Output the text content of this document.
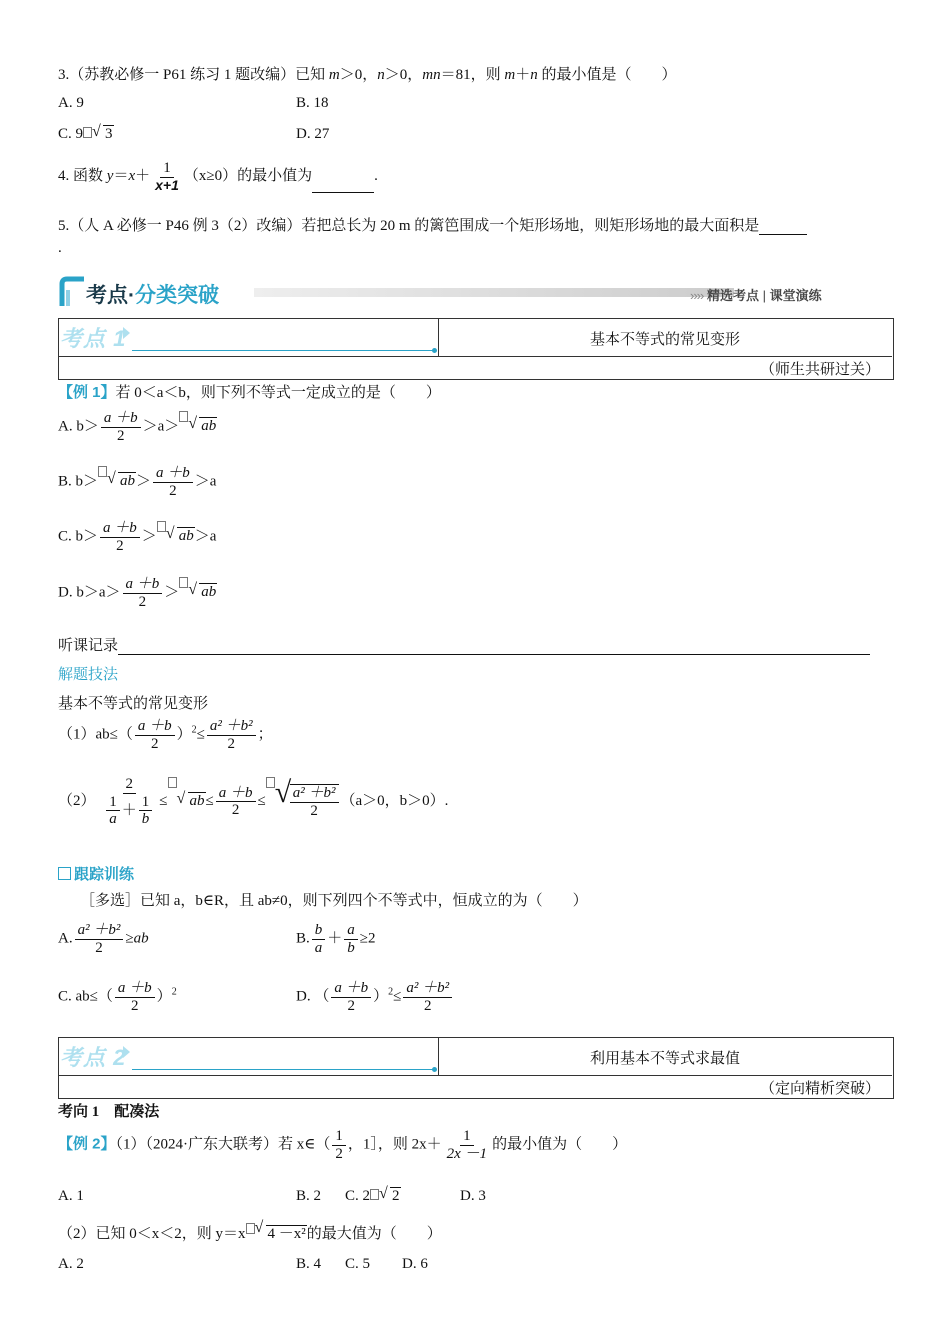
3.（苏教必修一 P61 练习 1 题改编）已知 m＞0，n＞0，mn＝81，则 m＋n 的最小值是（　　）
A. 9	B. 18
C. 9 √ 3	D. 27
4. 函数 $y=x+ \frac{1}{x+1} (x\ge 0)$的最小值为	.
5.（人 A 必修一 P46 例 3（2）改编）若把总长为 20 m 的篱笆围成一个矩形场地，则矩形场地的最大面积是
.
考点·分类突破	›››› 精选考点 | 课堂演练
考点 1	基本不等式的常见变形
（师生共研过关）
【例 1】若 0＜a＜b，则下列不等式一定成立的是（　　）
A. $b> \frac{a +b}{2} >a>$ √ ab
B. b＞ √ $ab> \frac{a +b}{2} >a$
C. $b> \frac{a +b}{2}$ ＞ √ ab＞a
D. $b>a> \frac{a +b}{2}$ ＞ √ ab
听课记录
解题技法
基本不等式的常见变形
$(1)ab\le( \frac{a +b}{2} )^2\le \frac{\text{a² ＋b²}}{2}$ ；
$(2) \frac{2}{\frac{1}{a} + \frac{1}{b}}$ ≤ √ $ab\le \frac{a +b}{2}$ ≤ √
$\frac{\text{a² ＋b²}}{2} (a>0$，b＞0）.
跟踪训练
［多选］已知 a，b∈R，且 ab≠0，则下列四个不等式中，恒成立的为（　　）
A. $\frac{\text{a² ＋b²}}{2} \ge ab$	B. $\frac{b}{a} + \frac{a}{b} \ge 2$
C. $ab\le( \frac{a +b}{2} )^2$	D. （ $\frac{a +b}{2} )^2\le \frac{\text{a² ＋b²}}{2}$
考点 2	利用基本不等式求最值
（定向精析突破）
考向 1　配凑法
【例 2】（1）（2024·广东大联考）若 x∈（ $\frac{1}{2}$ ，1］，则 $2x+ \frac{1}{2x -1}$ 的最小值为（　　）
A. 1	B. 2 C. 2 √ 2	D. 3
（2）已知 0＜x＜2，则 y＝x √ 4 －x²的最大值为（　　）
A. 2	B. 4 C. 5 D. 6
